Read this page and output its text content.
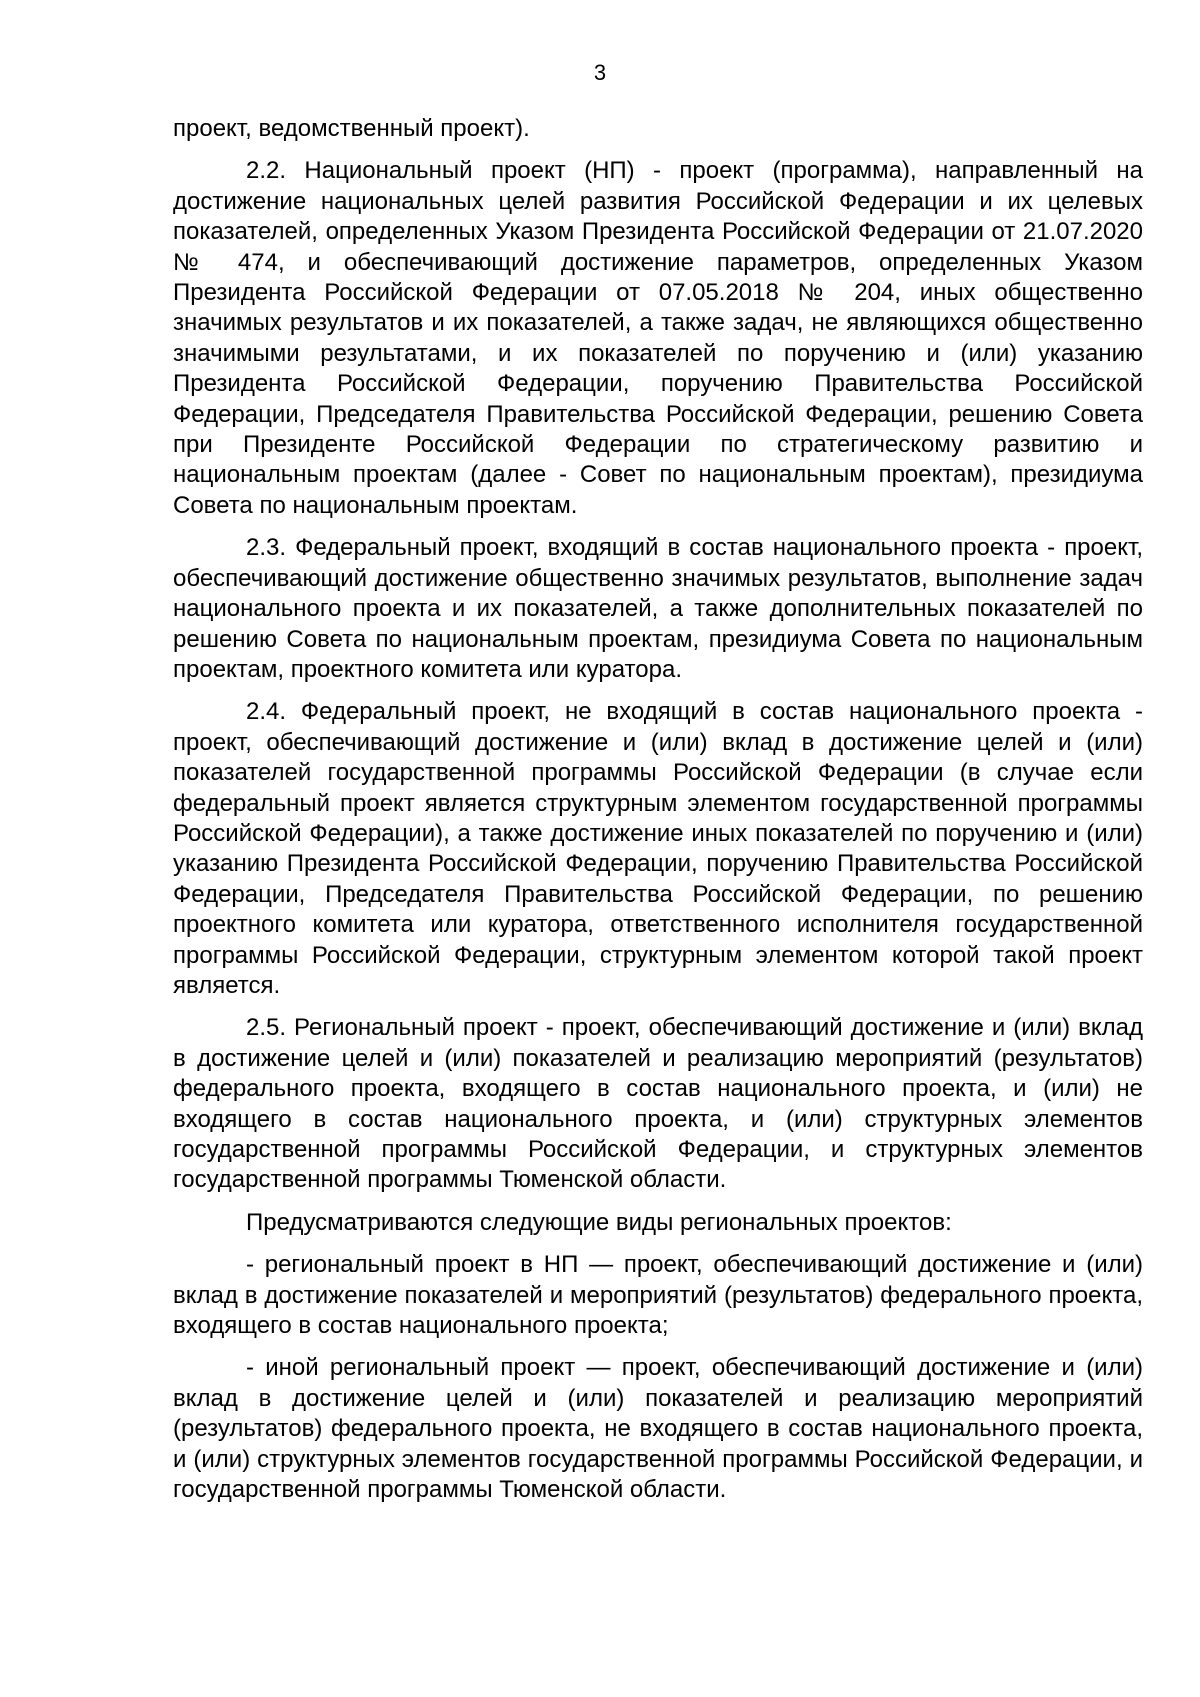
3

проект, ведомственный проект).

2.2. Национальный проект (НП) - проект (программа), направленный на достижение национальных целей развития Российской Федерации и их целевых показателей, определенных Указом Президента Российской Федерации от 21.07.2020 № 474, и обеспечивающий достижение параметров, определенных Указом Президента Российской Федерации от 07.05.2018 № 204, иных общественно значимых результатов и их показателей, а также задач, не являющихся общественно значимыми результатами, и их показателей по поручению и (или) указанию Президента Российской Федерации, поручению Правительства Российской Федерации, Председателя Правительства Российской Федерации, решению Совета при Президенте Российской Федерации по стратегическому развитию и национальным проектам (далее - Совет по национальным проектам), президиума Совета по национальным проектам.

2.3. Федеральный проект, входящий в состав национального проекта - проект, обеспечивающий достижение общественно значимых результатов, выполнение задач национального проекта и их показателей, а также дополнительных показателей по решению Совета по национальным проектам, президиума Совета по национальным проектам, проектного комитета или куратора.

2.4. Федеральный проект, не входящий в состав национального проекта - проект, обеспечивающий достижение и (или) вклад в достижение целей и (или) показателей государственной программы Российской Федерации (в случае если федеральный проект является структурным элементом государственной программы Российской Федерации), а также достижение иных показателей по поручению и (или) указанию Президента Российской Федерации, поручению Правительства Российской Федерации, Председателя Правительства Российской Федерации, по решению проектного комитета или куратора, ответственного исполнителя государственной программы Российской Федерации, структурным элементом которой такой проект является.

2.5. Региональный проект - проект, обеспечивающий достижение и (или) вклад в достижение целей и (или) показателей и реализацию мероприятий (результатов) федерального проекта, входящего в состав национального проекта, и (или) не входящего в состав национального проекта, и (или) структурных элементов государственной программы Российской Федерации, и структурных элементов государственной программы Тюменской области.

Предусматриваются следующие виды региональных проектов:

- региональный проект в НП — проект, обеспечивающий достижение и (или) вклад в достижение показателей и мероприятий (результатов) федерального проекта, входящего в состав национального проекта;

- иной региональный проект — проект, обеспечивающий достижение и (или) вклад в достижение целей и (или) показателей и реализацию мероприятий (результатов) федерального проекта, не входящего в состав национального проекта, и (или) структурных элементов государственной программы Российской Федерации, и государственной программы Тюменской области.
